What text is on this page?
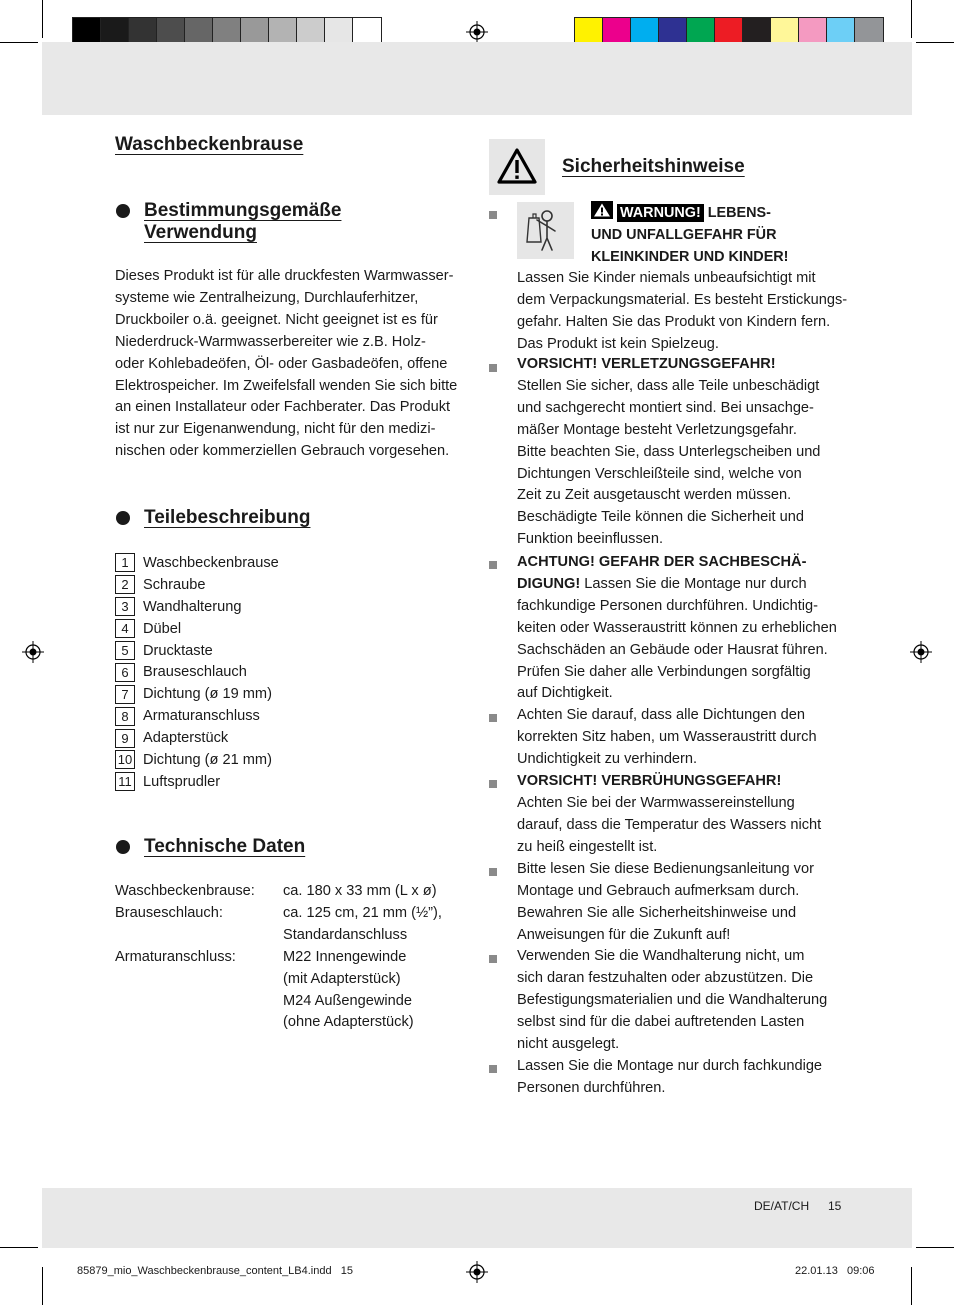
Waschbeckenbrause
Bestimmungsgemäße
Verwendung
Dieses Produkt ist für alle druckfesten Warmwasser-
systeme wie Zentralheizung, Durchlauferhitzer,
Druckboiler o.ä. geeignet. Nicht geeignet ist es für
Niederdruck-Warmwasserbereiter wie z.B. Holz-
oder Kohlebadeöfen, Öl- oder Gasbadeöfen, offene
Elektrospeicher. Im Zweifelsfall wenden Sie sich bitte
an einen Installateur oder Fachberater. Das Produkt
ist nur zur Eigenanwendung, nicht für den medizi-
nischen oder kommerziellen Gebrauch vorgesehen.
Teilebeschreibung
1 Waschbeckenbrause
2 Schraube
3 Wandhalterung
4 Dübel
5 Drucktaste
6 Brauseschlauch
7 Dichtung (ø 19 mm)
8 Armaturanschluss
9 Adapterstück
10 Dichtung (ø 21 mm)
11 Luftsprudler
Technische Daten
Waschbeckenbrause:	ca. 180 x 33 mm (L x ø)
Brauseschlauch:	ca. 125 cm, 21 mm (½”),
Standardanschluss
Armaturanschluss:	M22 Innengewinde
(mit Adapterstück)
M24 Außengewinde
(ohne Adapterstück)
Sicherheitshinweise
WARNUNG! LEBENS-
UND UNFALLGEFAHR FÜR
KLEINKINDER UND KINDER!
Lassen Sie Kinder niemals unbeaufsichtigt mit
dem Verpackungsmaterial. Es besteht Erstickungs-
gefahr. Halten Sie das Produkt von Kindern fern.
Das Produkt ist kein Spielzeug.
VORSICHT! VERLETZUNGSGEFAHR!
Stellen Sie sicher, dass alle Teile unbeschädigt
und sachgerecht montiert sind. Bei unsachge-
mäßer Montage besteht Verletzungsgefahr.
Bitte beachten Sie, dass Unterlegscheiben und
Dichtungen Verschleißteile sind, welche von
Zeit zu Zeit ausgetauscht werden müssen.
Beschädigte Teile können die Sicherheit und
Funktion beeinflussen.
ACHTUNG! GEFAHR DER SACHBESCHÄ-
DIGUNG! Lassen Sie die Montage nur durch
fachkundige Personen durchführen. Undichtig-
keiten oder Wasseraustritt können zu erheblichen
Sachschäden an Gebäude oder Hausrat führen.
Prüfen Sie daher alle Verbindungen sorgfältig
auf Dichtigkeit.
Achten Sie darauf, dass alle Dichtungen den
korrekten Sitz haben, um Wasseraustritt durch
Undichtigkeit zu verhindern.
VORSICHT! VERBRÜHUNGSGEFAHR!
Achten Sie bei der Warmwassereinstellung
darauf, dass die Temperatur des Wassers nicht
zu heiß eingestellt ist.
Bitte lesen Sie diese Bedienungsanleitung vor
Montage und Gebrauch aufmerksam durch.
Bewahren Sie alle Sicherheitshinweise und
Anweisungen für die Zukunft auf!
Verwenden Sie die Wandhalterung nicht, um
sich daran festzuhalten oder abzustützen. Die
Befestigungsmaterialien und die Wandhalterung
selbst sind für die dabei auftretenden Lasten
nicht ausgelegt.
Lassen Sie die Montage nur durch fachkundige
Personen durchführen.
DE/AT/CH 15
85879_mio_Waschbeckenbrause_content_LB4.indd   15	22.01.13   09:06
